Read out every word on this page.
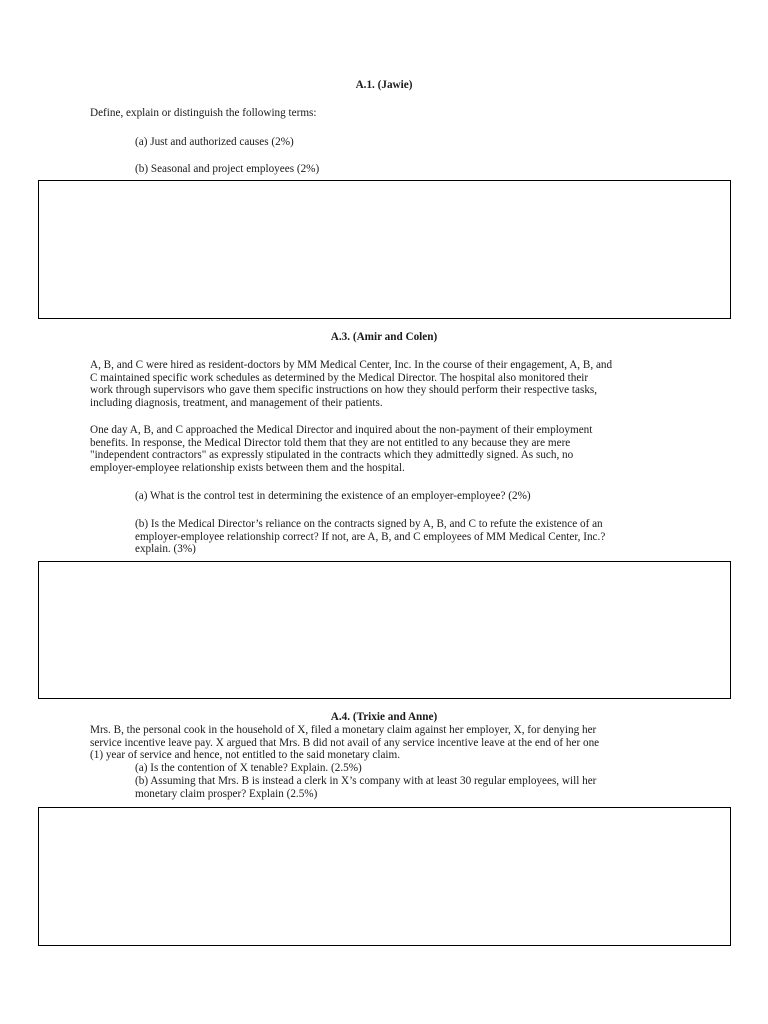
A.1. (Jawie)
Define, explain or distinguish the following terms:
(a) Just and authorized causes (2%)
(b) Seasonal and project employees (2%)
A.3. (Amir and Colen)
A, B, and C were hired as resident-doctors by MM Medical Center, Inc. In the course of their engagement, A, B, and
C maintained specific work schedules as determined by the Medical Director. The hospital also monitored their
work through supervisors who gave them specific instructions on how they should perform their respective tasks,
including diagnosis, treatment, and management of their patients.
One day A, B, and C approached the Medical Director and inquired about the non-payment of their employment
benefits. In response, the Medical Director told them that they are not entitled to any because they are mere
"independent contractors" as expressly stipulated in the contracts which they admittedly signed. As such, no
employer-employee relationship exists between them and the hospital.
(a) What is the control test in determining the existence of an employer-employee? (2%)
(b) Is the Medical Director’s reliance on the contracts signed by A, B, and C to refute the existence of an
employer-employee relationship correct? If not, are A, B, and C employees of MM Medical Center, Inc.?
explain. (3%)
A.4. (Trixie and Anne)
Mrs. B, the personal cook in the household of X, filed a monetary claim against her employer, X, for denying her
service incentive leave pay. X argued that Mrs. B did not avail of any service incentive leave at the end of her one
(1) year of service and hence, not entitled to the said monetary claim.
(a) Is the contention of X tenable? Explain. (2.5%)
(b) Assuming that Mrs. B is instead a clerk in X’s company with at least 30 regular employees, will her
monetary claim prosper? Explain (2.5%)
